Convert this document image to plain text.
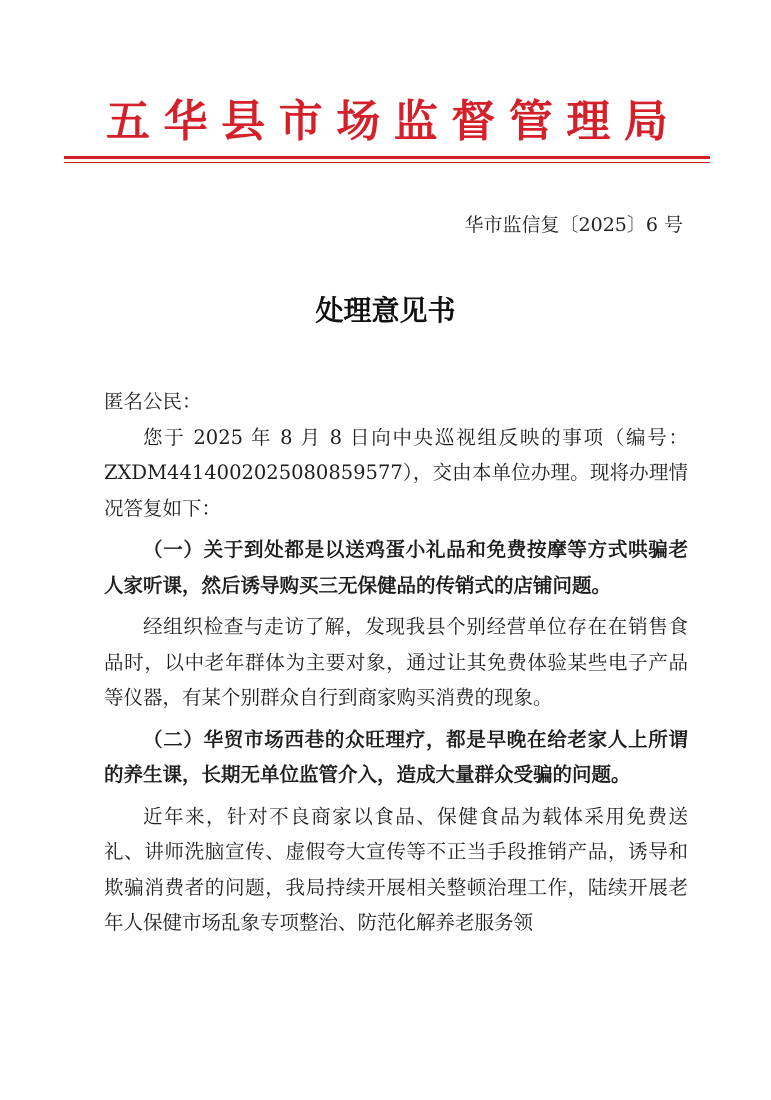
五 华 县 市 场 监 督 管 理 局
华市监信复〔2025〕6 号
处理意见书

匿名公民：

您于 2025 年 8 月 8 日向中央巡视组反映的事项（编号：ZXDM4414002025080859577），交由本单位办理。现将办理情况答复如下：

（一）关于到处都是以送鸡蛋小礼品和免费按摩等方式哄骗老人家听课，然后诱导购买三无保健品的传销式的店铺问题。

经组织检查与走访了解，发现我县个别经营单位存在在销售食品时，以中老年群体为主要对象，通过让其免费体验某些电子产品等仪器，有某个别群众自行到商家购买消费的现象。

（二）华贸市场西巷的众旺理疗，都是早晚在给老家人上所谓的养生课，长期无单位监管介入，造成大量群众受骗的问题。

近年来，针对不良商家以食品、保健食品为载体采用免费送礼、讲师洗脑宣传、虚假夸大宣传等不正当手段推销产品，诱导和欺骗消费者的问题，我局持续开展相关整顿治理工作，陆续开展老年人保健市场乱象专项整治、防范化解养老服务领
